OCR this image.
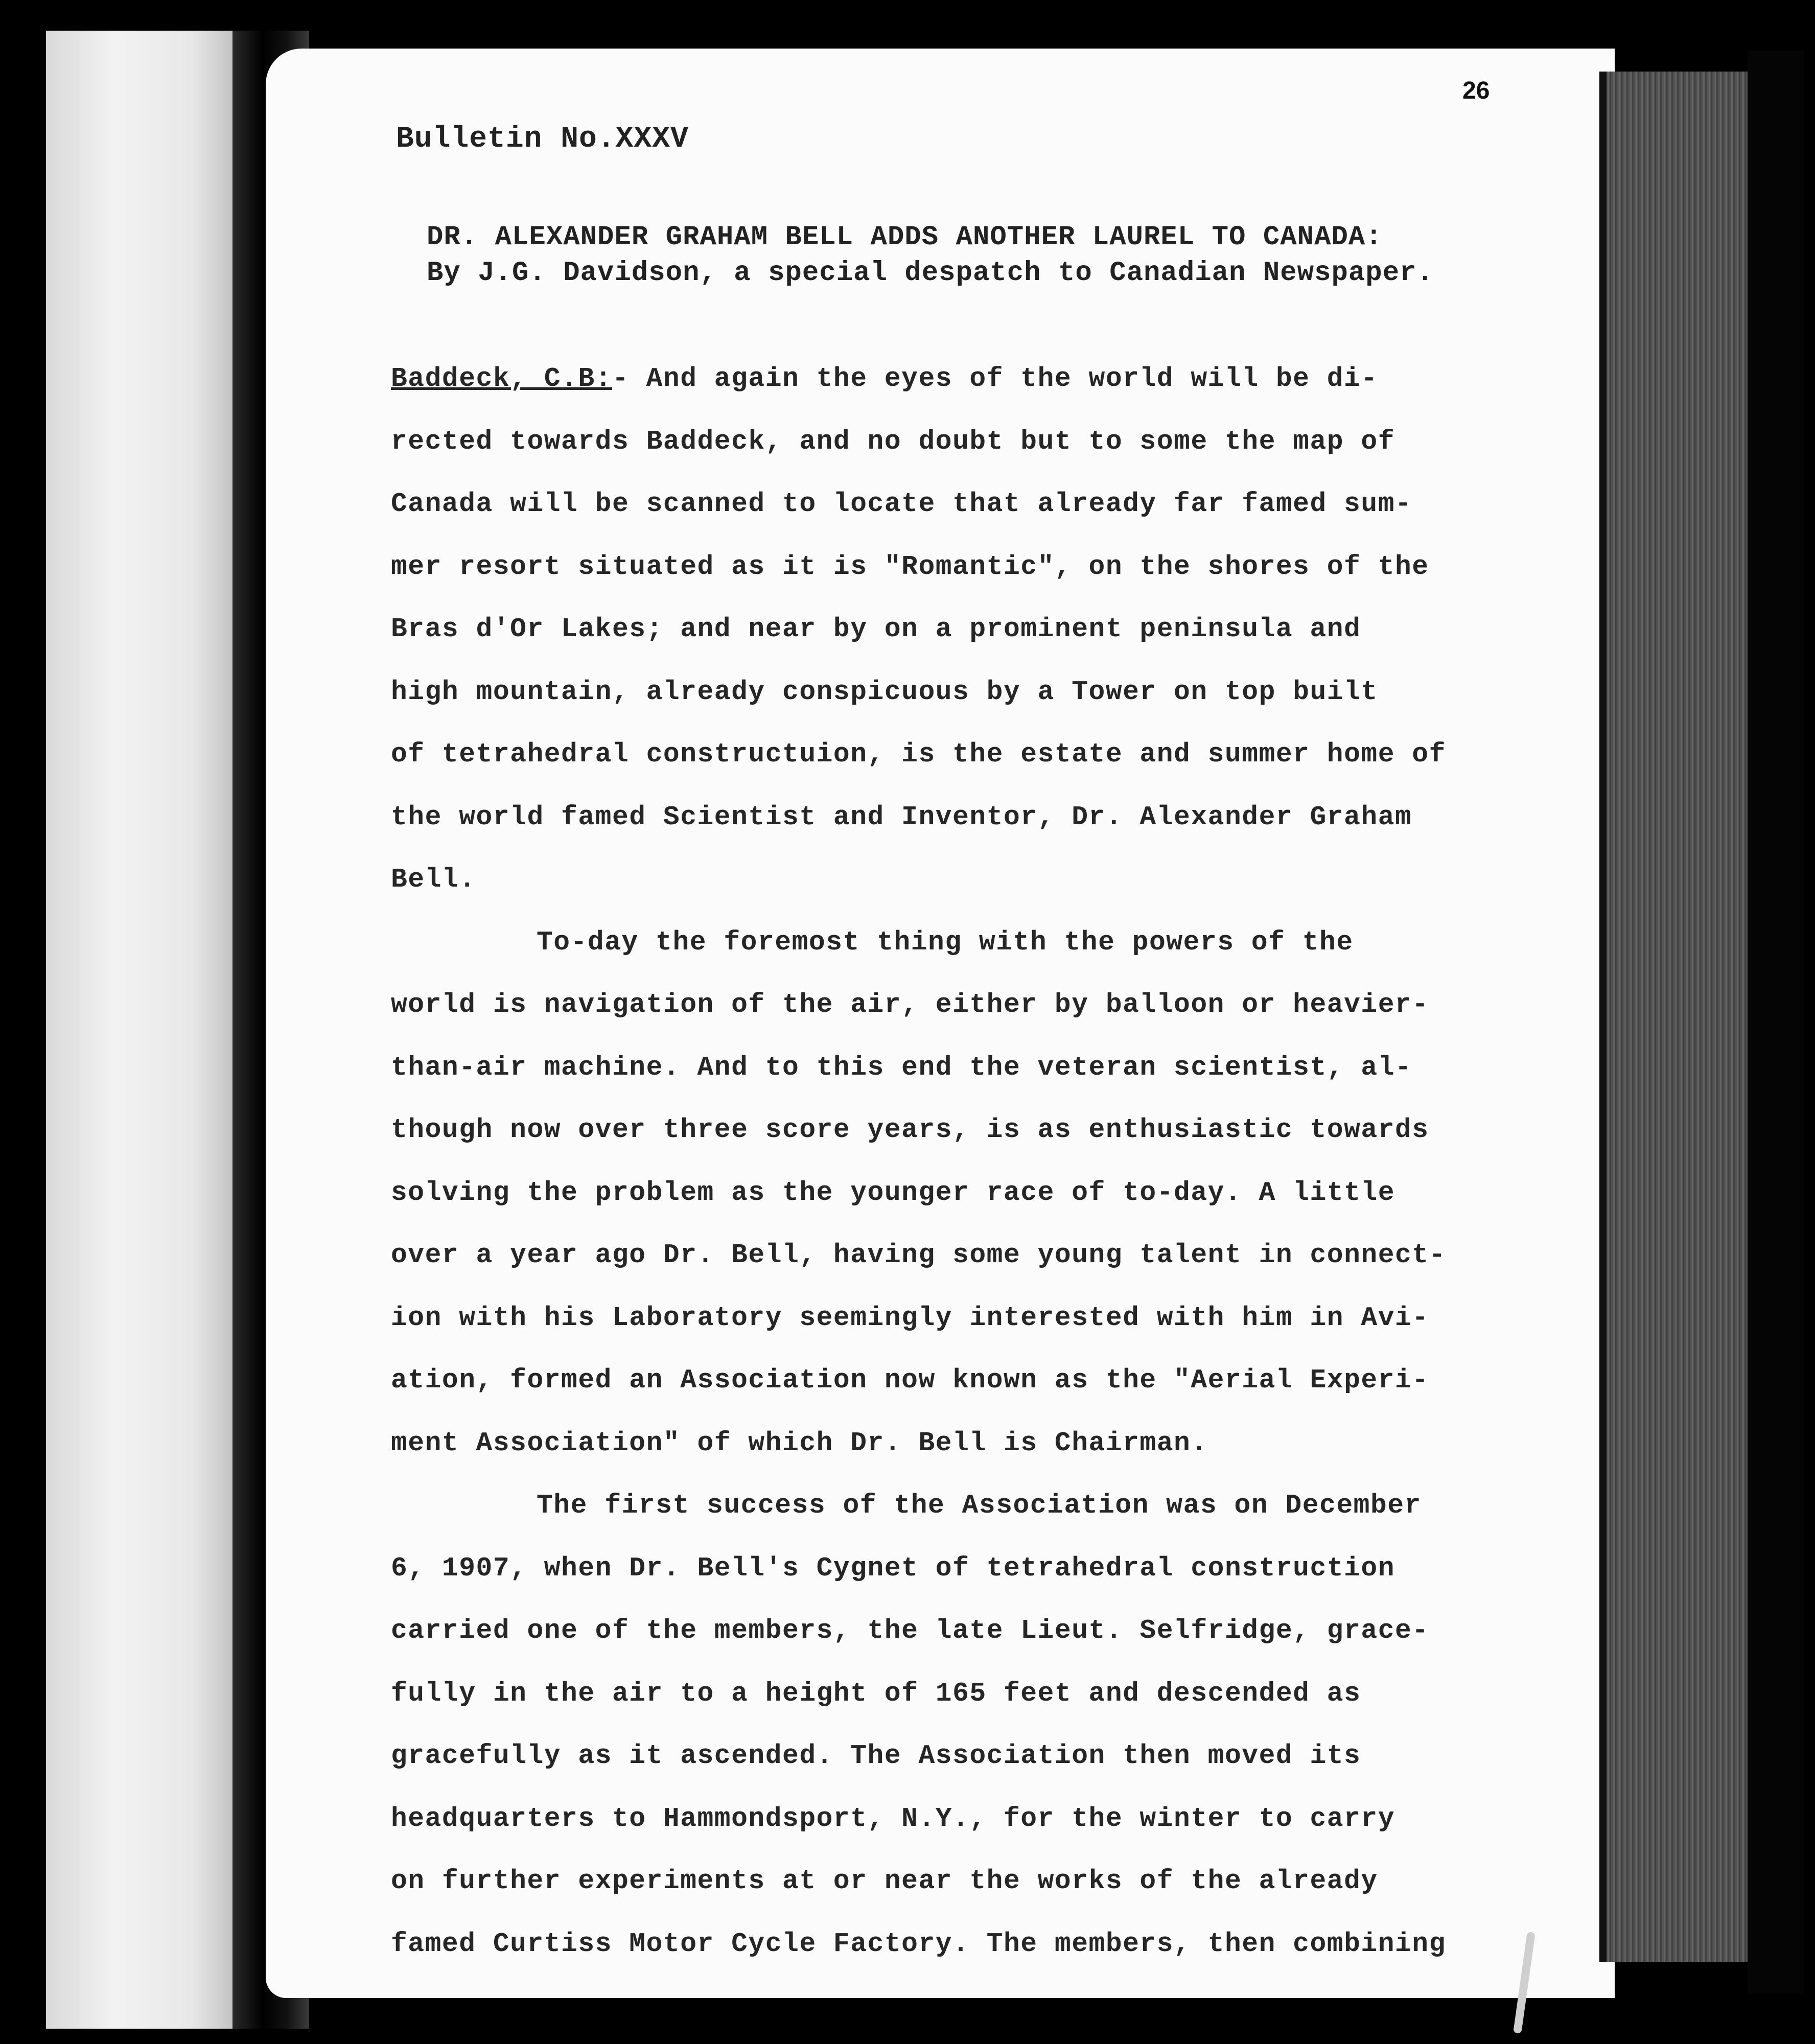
26
Bulletin No.XXXV
DR. ALEXANDER GRAHAM BELL ADDS ANOTHER LAUREL TO CANADA:
By J.G. Davidson, a special despatch to Canadian Newspaper.
Baddeck, C.B:- And again the eyes of the world will be di-
rected towards Baddeck, and no doubt but to some the map of
Canada will be scanned to locate that already far famed sum-
mer resort situated as it is "Romantic", on the shores of the
Bras d'Or Lakes; and near by on a prominent peninsula and
high mountain, already conspicuous by a Tower on top built
of tetrahedral constructuion, is the estate and summer home of
the world famed Scientist and Inventor, Dr. Alexander Graham
Bell.
To-day the foremost thing with the powers of the
world is navigation of the air, either by balloon or heavier-
than-air machine. And to this end the veteran scientist, al-
though now over three score years, is as enthusiastic towards
solving the problem as the younger race of to-day. A little
over a year ago Dr. Bell, having some young talent in connect-
ion with his Laboratory seemingly interested with him in Avi-
ation, formed an Association now known as the "Aerial Experi-
ment Association" of which Dr. Bell is Chairman.
The first success of the Association was on December
6, 1907, when Dr. Bell's Cygnet of tetrahedral construction
carried one of the members, the late Lieut. Selfridge, grace-
fully in the air to a height of 165 feet and descended as
gracefully as it ascended. The Association then moved its
headquarters to Hammondsport, N.Y., for the winter to carry
on further experiments at or near the works of the already
famed Curtiss Motor Cycle Factory. The members, then combining
